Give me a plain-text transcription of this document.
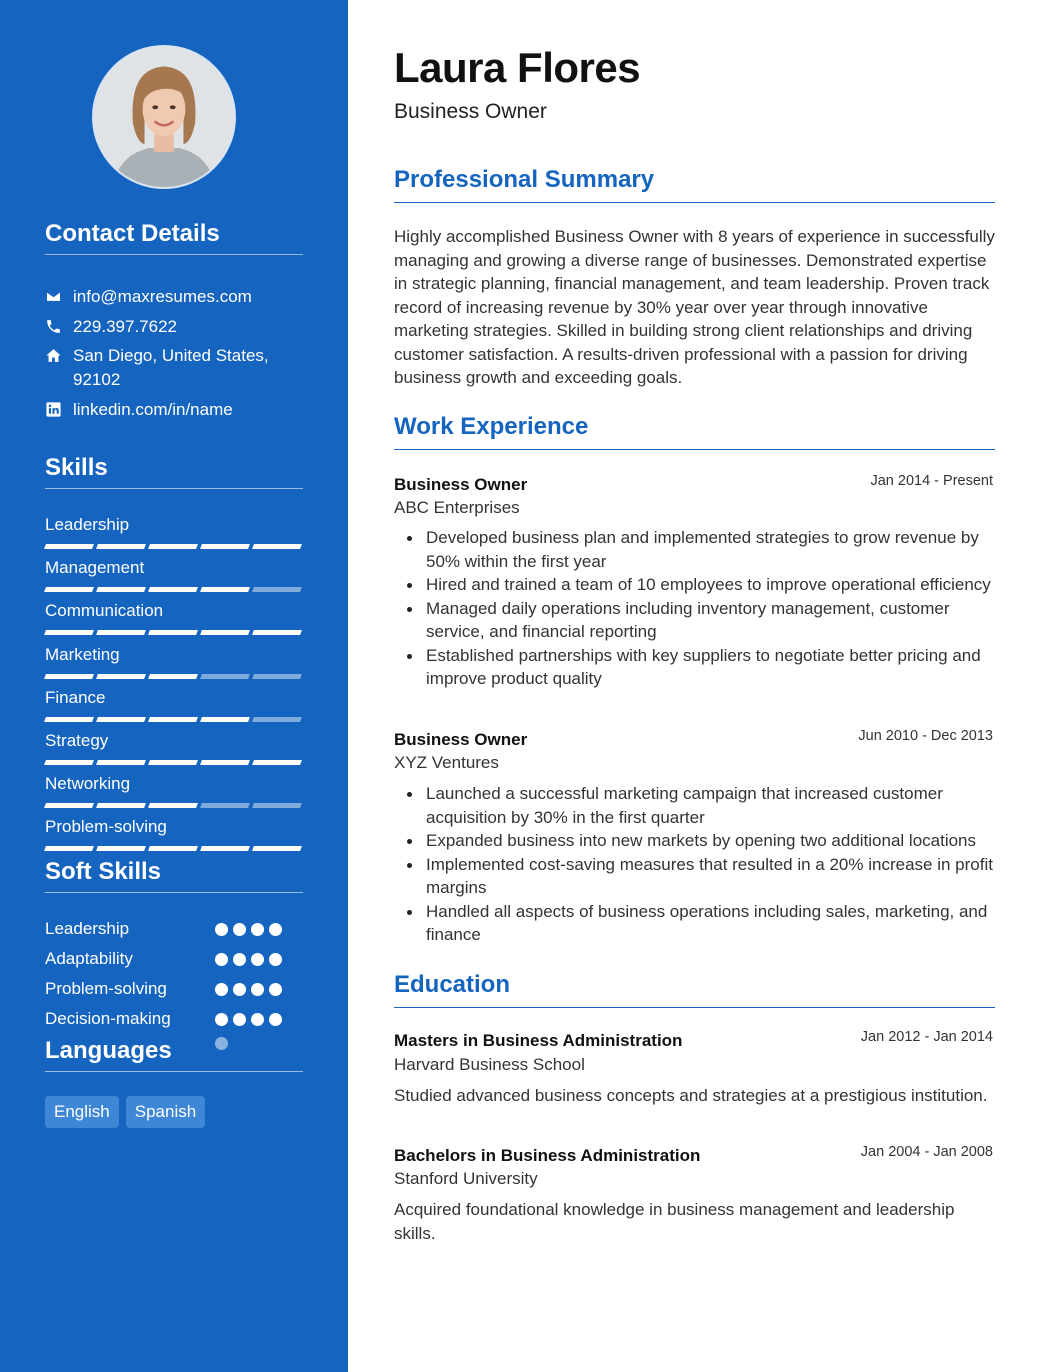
Contact Details
info@maxresumes.com
229.397.7622
San Diego, United States, 92102
linkedin.com/in/name
Skills
Leadership
Management
Communication
Marketing
Finance
Strategy
Networking
Problem-solving
Soft Skills
Leadership
Adaptability
Problem-solving
Decision-making
Languages
English	Spanish
Laura Flores
Business Owner
Professional Summary

Highly accomplished Business Owner with 8 years of experience in successfully managing and growing a diverse range of businesses. Demonstrated expertise in strategic planning, financial management, and team leadership. Proven track record of increasing revenue by 30% year over year through innovative marketing strategies. Skilled in building strong client relationships and driving customer satisfaction. A results-driven professional with a passion for driving business growth and exceeding goals.

Work Experience
Business Owner	Jan 2014 - Present
ABC Enterprises
Developed business plan and implemented strategies to grow revenue by 50% within the first year
Hired and trained a team of 10 employees to improve operational efficiency
Managed daily operations including inventory management, customer service, and financial reporting
Established partnerships with key suppliers to negotiate better pricing and improve product quality
Business Owner	Jun 2010 - Dec 2013
XYZ Ventures
Launched a successful marketing campaign that increased customer acquisition by 30% in the first quarter
Expanded business into new markets by opening two additional locations
Implemented cost-saving measures that resulted in a 20% increase in profit margins
Handled all aspects of business operations including sales, marketing, and finance
Education
Masters in Business Administration	Jan 2012 - Jan 2014
Harvard Business School

Studied advanced business concepts and strategies at a prestigious institution.

Bachelors in Business Administration	Jan 2004 - Jan 2008
Stanford University

Acquired foundational knowledge in business management and leadership skills.
